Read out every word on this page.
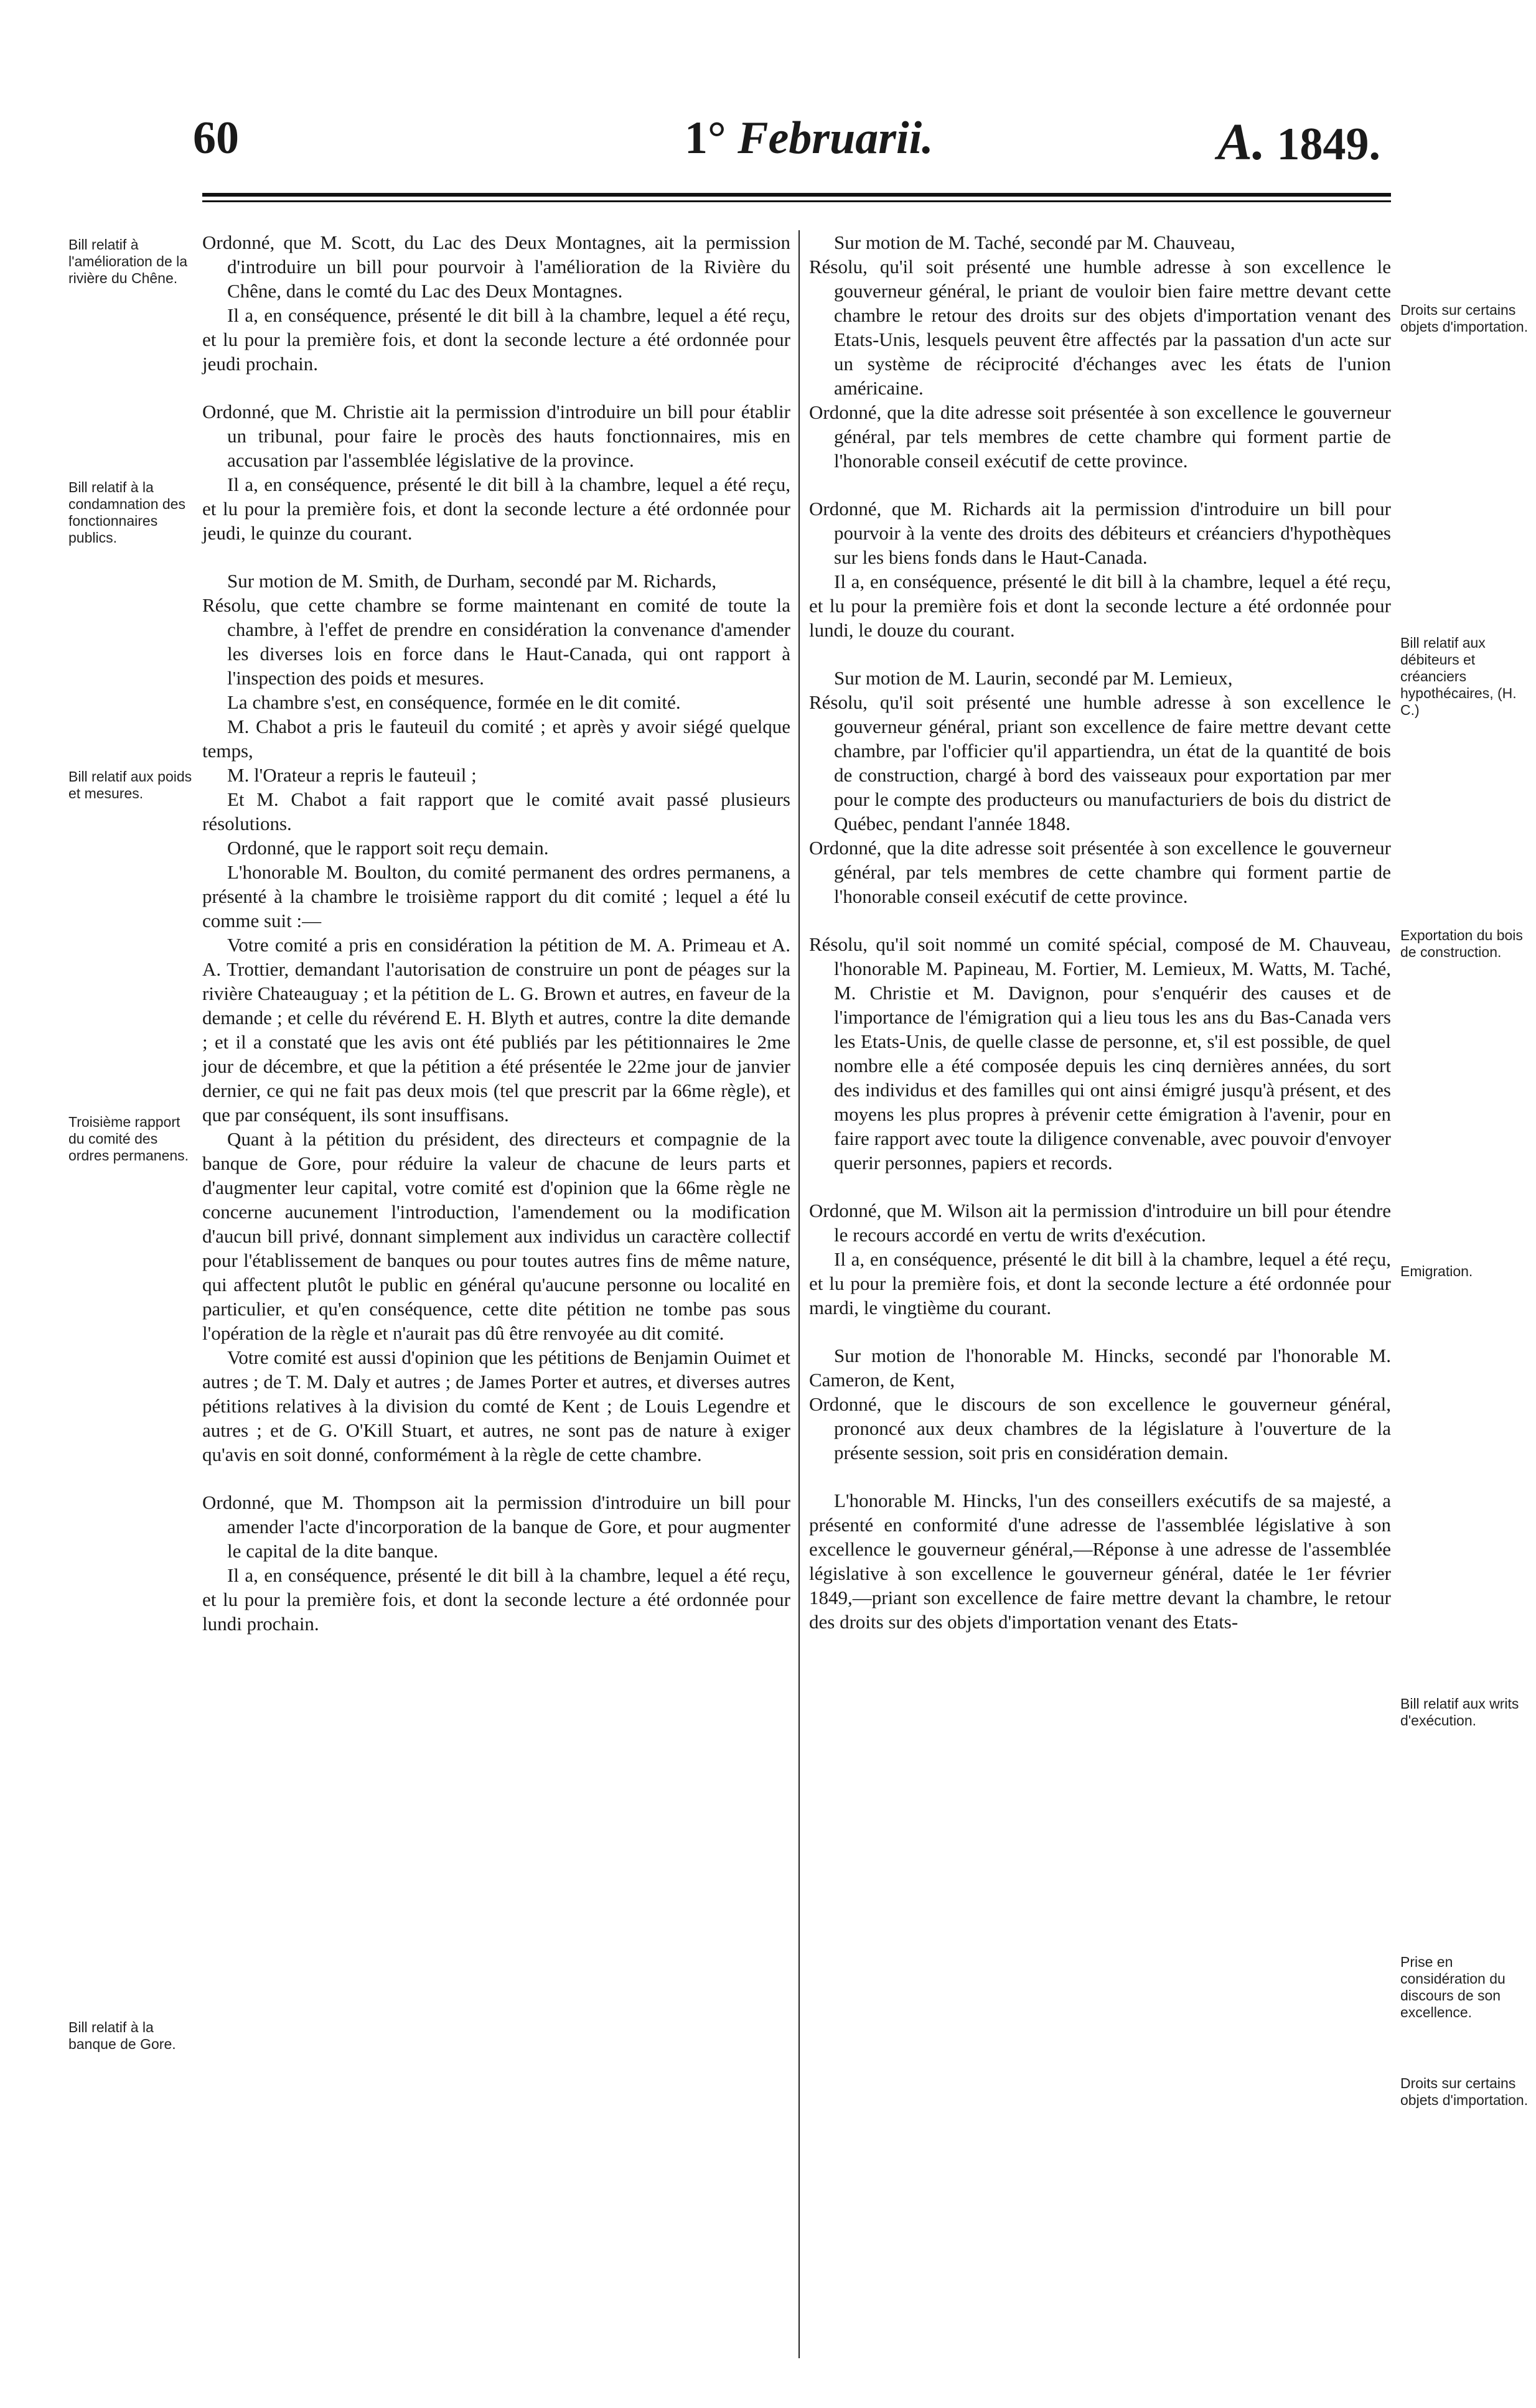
60	1° Februarii.	A. 1849.
Bill relatif à l'amélioration de la rivière du Chêne.
Bill relatif à la condamnation des fonctionnaires publics.
Bill relatif aux poids et mesures.
Troisième rapport du comité des ordres permanens.
Bill relatif à la banque de Gore.
Droits sur certains objets d'importation.
Bill relatif aux débiteurs et créanciers hypothécaires, (H. C.)
Exportation du bois de construction.
Emigration.
Bill relatif aux writs d'exécution.
Prise en considération du discours de son excellence.
Droits sur certains objets d'importation.

Ordonné, que M. Scott, du Lac des Deux Montagnes, ait la permission d'introduire un bill pour pourvoir à l'amélioration de la Rivière du Chêne, dans le comté du Lac des Deux Montagnes.

Il a, en conséquence, présenté le dit bill à la chambre, lequel a été reçu, et lu pour la première fois, et dont la seconde lecture a été ordonnée pour jeudi prochain.

Ordonné, que M. Christie ait la permission d'introduire un bill pour établir un tribunal, pour faire le procès des hauts fonctionnaires, mis en accusation par l'assemblée législative de la province.

Il a, en conséquence, présenté le dit bill à la chambre, lequel a été reçu, et lu pour la première fois, et dont la seconde lecture a été ordonnée pour jeudi, le quinze du courant.

Sur motion de M. Smith, de Durham, secondé par M. Richards,

Résolu, que cette chambre se forme maintenant en comité de toute la chambre, à l'effet de prendre en considération la convenance d'amender les diverses lois en force dans le Haut-Canada, qui ont rapport à l'inspection des poids et mesures.

La chambre s'est, en conséquence, formée en le dit comité.

M. Chabot a pris le fauteuil du comité ; et après y avoir siégé quelque temps,

M. l'Orateur a repris le fauteuil ;

Et M. Chabot a fait rapport que le comité avait passé plusieurs résolutions.

Ordonné, que le rapport soit reçu demain.

L'honorable M. Boulton, du comité permanent des ordres permanens, a présenté à la chambre le troisième rapport du dit comité ; lequel a été lu comme suit :—

Votre comité a pris en considération la pétition de M. A. Primeau et A. A. Trottier, demandant l'autorisation de construire un pont de péages sur la rivière Chateauguay ; et la pétition de L. G. Brown et autres, en faveur de la demande ; et celle du révérend E. H. Blyth et autres, contre la dite demande ; et il a constaté que les avis ont été publiés par les pétitionnaires le 2me jour de décembre, et que la pétition a été présentée le 22me jour de janvier dernier, ce qui ne fait pas deux mois (tel que prescrit par la 66me règle), et que par conséquent, ils sont insuffisans.

Quant à la pétition du président, des directeurs et compagnie de la banque de Gore, pour réduire la valeur de chacune de leurs parts et d'augmenter leur capital, votre comité est d'opinion que la 66me règle ne concerne aucunement l'introduction, l'amendement ou la modification d'aucun bill privé, donnant simplement aux individus un caractère collectif pour l'établissement de banques ou pour toutes autres fins de même nature, qui affectent plutôt le public en général qu'aucune personne ou localité en particulier, et qu'en conséquence, cette dite pétition ne tombe pas sous l'opération de la règle et n'aurait pas dû être renvoyée au dit comité.

Votre comité est aussi d'opinion que les pétitions de Benjamin Ouimet et autres ; de T. M. Daly et autres ; de James Porter et autres, et diverses autres pétitions relatives à la division du comté de Kent ; de Louis Legendre et autres ; et de G. O'Kill Stuart, et autres, ne sont pas de nature à exiger qu'avis en soit donné, conformément à la règle de cette chambre.

Ordonné, que M. Thompson ait la permission d'introduire un bill pour amender l'acte d'incorporation de la banque de Gore, et pour augmenter le capital de la dite banque.

Il a, en conséquence, présenté le dit bill à la chambre, lequel a été reçu, et lu pour la première fois, et dont la seconde lecture a été ordonnée pour lundi prochain.

Sur motion de M. Taché, secondé par M. Chauveau,

Résolu, qu'il soit présenté une humble adresse à son excellence le gouverneur général, le priant de vouloir bien faire mettre devant cette chambre le retour des droits sur des objets d'importation venant des Etats-Unis, lesquels peuvent être affectés par la passation d'un acte sur un système de réciprocité d'échanges avec les états de l'union américaine.

Ordonné, que la dite adresse soit présentée à son excellence le gouverneur général, par tels membres de cette chambre qui forment partie de l'honorable conseil exécutif de cette province.

Ordonné, que M. Richards ait la permission d'introduire un bill pour pourvoir à la vente des droits des débiteurs et créanciers d'hypothèques sur les biens fonds dans le Haut-Canada.

Il a, en conséquence, présenté le dit bill à la chambre, lequel a été reçu, et lu pour la première fois et dont la seconde lecture a été ordonnée pour lundi, le douze du courant.

Sur motion de M. Laurin, secondé par M. Lemieux,

Résolu, qu'il soit présenté une humble adresse à son excellence le gouverneur général, priant son excellence de faire mettre devant cette chambre, par l'officier qu'il appartiendra, un état de la quantité de bois de construction, chargé à bord des vaisseaux pour exportation par mer pour le compte des producteurs ou manufacturiers de bois du district de Québec, pendant l'année 1848.

Ordonné, que la dite adresse soit présentée à son excellence le gouverneur général, par tels membres de cette chambre qui forment partie de l'honorable conseil exécutif de cette province.

Résolu, qu'il soit nommé un comité spécial, composé de M. Chauveau, l'honorable M. Papineau, M. Fortier, M. Lemieux, M. Watts, M. Taché, M. Christie et M. Davignon, pour s'enquérir des causes et de l'importance de l'émigration qui a lieu tous les ans du Bas-Canada vers les Etats-Unis, de quelle classe de personne, et, s'il est possible, de quel nombre elle a été composée depuis les cinq dernières années, du sort des individus et des familles qui ont ainsi émigré jusqu'à présent, et des moyens les plus propres à prévenir cette émigration à l'avenir, pour en faire rapport avec toute la diligence convenable, avec pouvoir d'envoyer querir personnes, papiers et records.

Ordonné, que M. Wilson ait la permission d'introduire un bill pour étendre le recours accordé en vertu de writs d'exécution.

Il a, en conséquence, présenté le dit bill à la chambre, lequel a été reçu, et lu pour la première fois, et dont la seconde lecture a été ordonnée pour mardi, le vingtième du courant.

Sur motion de l'honorable M. Hincks, secondé par l'honorable M. Cameron, de Kent,

Ordonné, que le discours de son excellence le gouverneur général, prononcé aux deux chambres de la législature à l'ouverture de la présente session, soit pris en considération demain.

L'honorable M. Hincks, l'un des conseillers exécutifs de sa majesté, a présenté en conformité d'une adresse de l'assemblée législative à son excellence le gouverneur général,—Réponse à une adresse de l'assemblée législative à son excellence le gouverneur général, datée le 1er février 1849,—priant son excellence de faire mettre devant la chambre, le retour des droits sur des objets d'importation venant des Etats-
